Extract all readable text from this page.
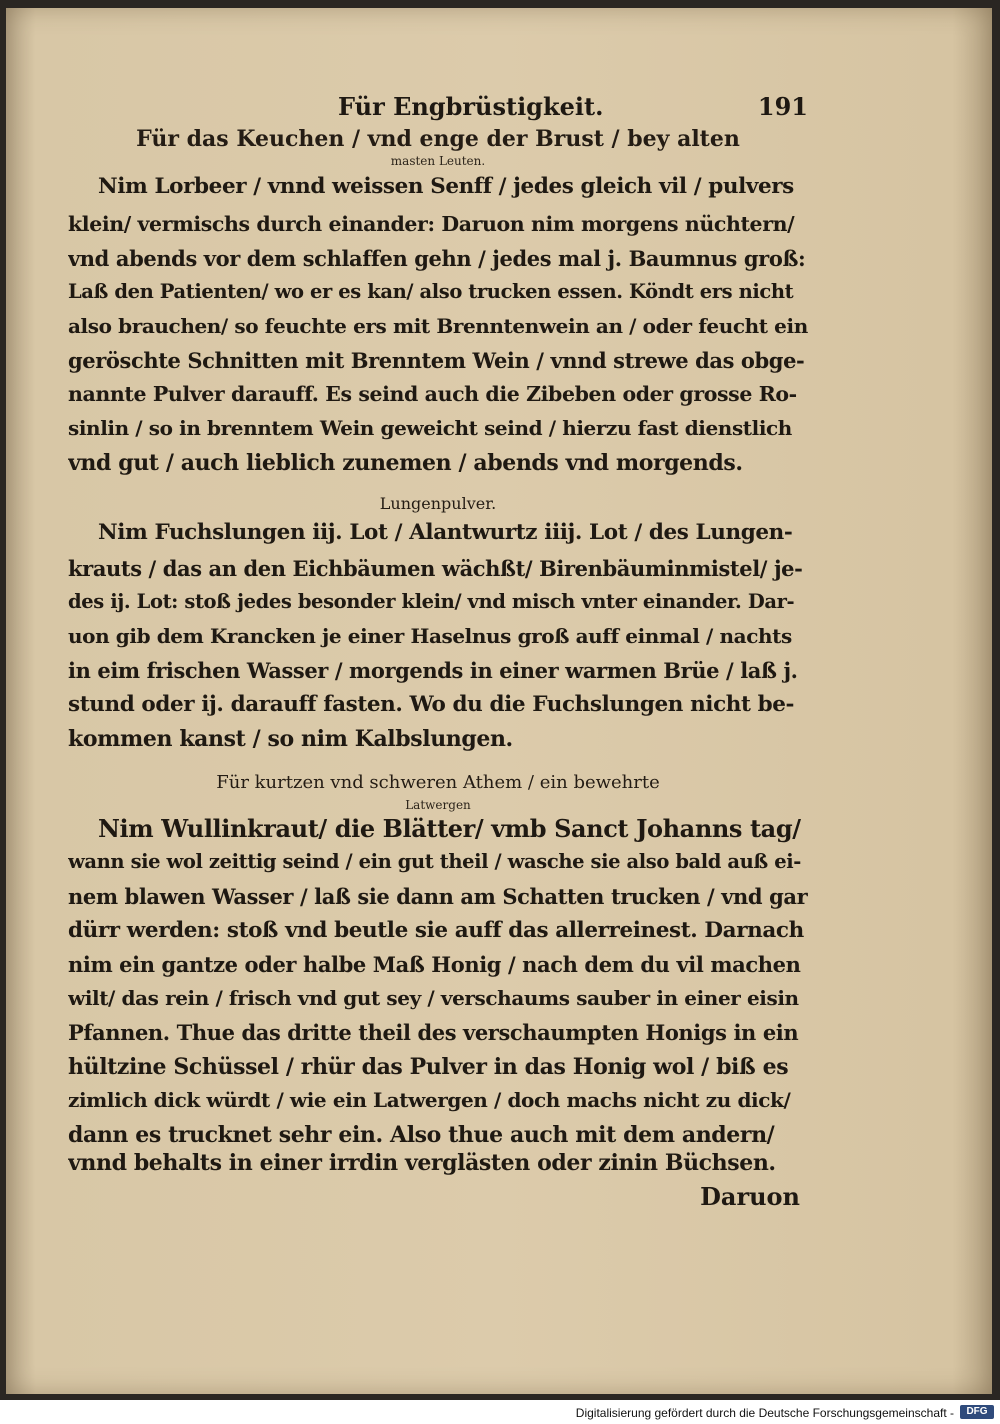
Für Engbrüstigkeit.	191
Für das Keuchen / vnd enge der Brust / bey alten
masten Leuten.
Nim Lorbeer / vnnd weissen Senff / jedes gleich vil / pulvers
klein/ vermischs durch einander: Daruon nim morgens nüchtern/
vnd abends vor dem schlaffen gehn / jedes mal j. Baumnus groß:
Laß den Patienten/ wo er es kan/ also trucken essen. Köndt ers nicht
also brauchen/ so feuchte ers mit Brenntenwein an / oder feucht ein
geröschte Schnitten mit Brenntem Wein / vnnd strewe das obge-
nannte Pulver darauff. Es seind auch die Zibeben oder grosse Ro-
sinlin / so in brenntem Wein geweicht seind / hierzu fast dienstlich
vnd gut / auch lieblich zunemen / abends vnd morgends.
Lungenpulver.
Nim Fuchslungen iij. Lot / Alantwurtz iiij. Lot / des Lungen-
krauts / das an den Eichbäumen wächßt/ Birenbäuminmistel/ je-
des ij. Lot: stoß jedes besonder klein/ vnd misch vnter einander. Dar-
uon gib dem Krancken je einer Haselnus groß auff einmal / nachts
in eim frischen Wasser / morgends in einer warmen Brüe / laß j.
stund oder ij. darauff fasten. Wo du die Fuchslungen nicht be-
kommen kanst / so nim Kalbslungen.
Für kurtzen vnd schweren Athem / ein bewehrte
Latwergen
Nim Wullinkraut/ die Blätter/ vmb Sanct Johanns tag/
wann sie wol zeittig seind / ein gut theil / wasche sie also bald auß ei-
nem blawen Wasser / laß sie dann am Schatten trucken / vnd gar
dürr werden: stoß vnd beutle sie auff das allerreinest. Darnach
nim ein gantze oder halbe Maß Honig / nach dem du vil machen
wilt/ das rein / frisch vnd gut sey / verschaums sauber in einer eisin
Pfannen. Thue das dritte theil des verschaumpten Honigs in ein
hültzine Schüssel / rhür das Pulver in das Honig wol / biß es
zimlich dick würdt / wie ein Latwergen / doch machs nicht zu dick/
dann es trucknet sehr ein. Also thue auch mit dem andern/
vnnd behalts in einer irrdin verglästen oder zinin Büchsen.
Daruon
Digitalisierung gefördert durch die Deutsche Forschungsgemeinschaft -	DFG
